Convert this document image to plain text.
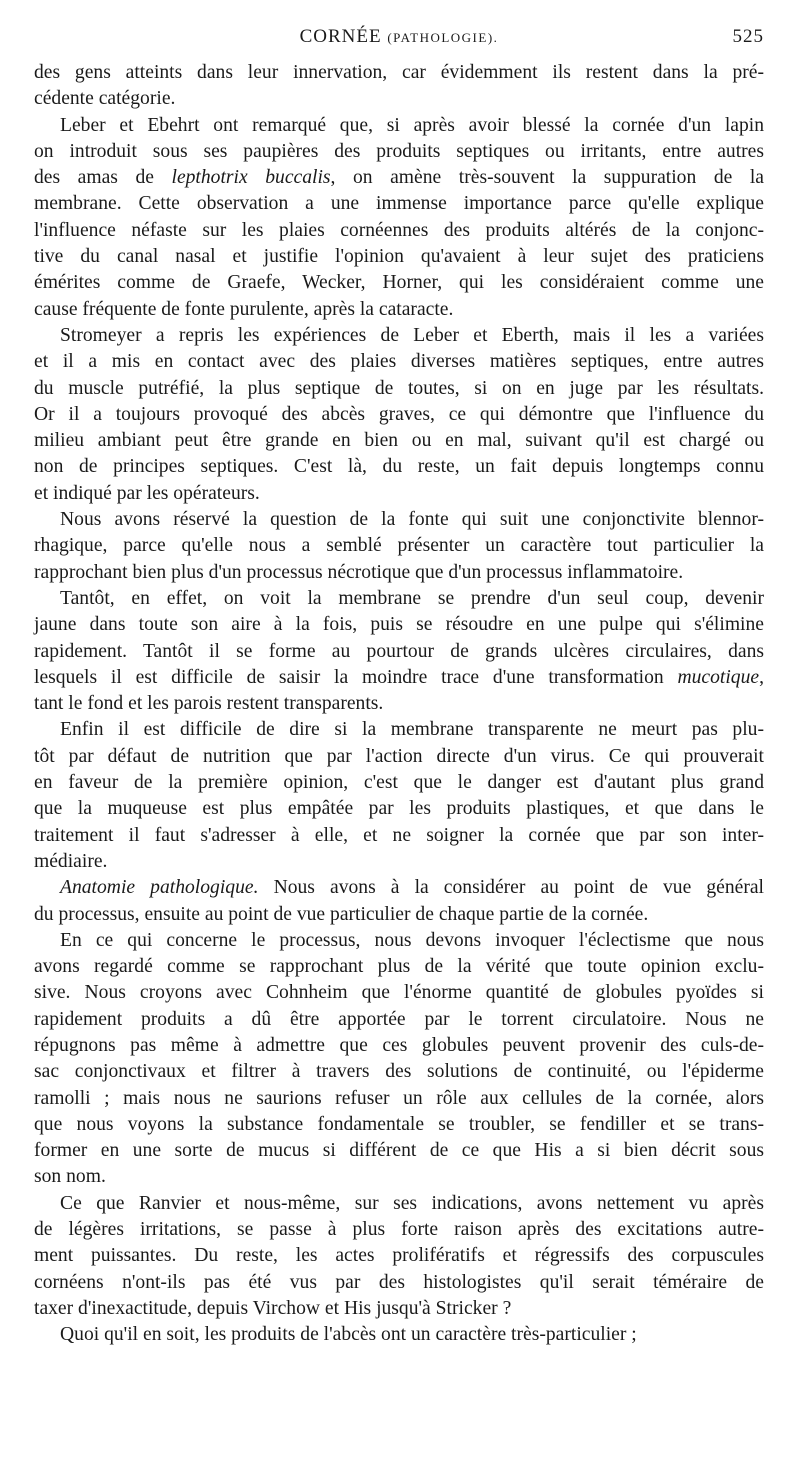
CORNÉE (PATHOLOGIE).	525
des gens atteints dans leur innervation, car évidemment ils restent dans la pré-
cédente catégorie.
Leber et Ebehrt ont remarqué que, si après avoir blessé la cornée d'un lapin
on introduit sous ses paupières des produits septiques ou irritants, entre autres
des amas de lepthotrix buccalis, on amène très-souvent la suppuration de la
membrane. Cette observation a une immense importance parce qu'elle explique
l'influence néfaste sur les plaies cornéennes des produits altérés de la conjonc-
tive du canal nasal et justifie l'opinion qu'avaient à leur sujet des praticiens
émérites comme de Graefe, Wecker, Horner, qui les considéraient comme une
cause fréquente de fonte purulente, après la cataracte.
Stromeyer a repris les expériences de Leber et Eberth, mais il les a variées
et il a mis en contact avec des plaies diverses matières septiques, entre autres
du muscle putréfié, la plus septique de toutes, si on en juge par les résultats.
Or il a toujours provoqué des abcès graves, ce qui démontre que l'influence du
milieu ambiant peut être grande en bien ou en mal, suivant qu'il est chargé ou
non de principes septiques. C'est là, du reste, un fait depuis longtemps connu
et indiqué par les opérateurs.
Nous avons réservé la question de la fonte qui suit une conjonctivite blennor-
rhagique, parce qu'elle nous a semblé présenter un caractère tout particulier la
rapprochant bien plus d'un processus nécrotique que d'un processus inflammatoire.
Tantôt, en effet, on voit la membrane se prendre d'un seul coup, devenir
jaune dans toute son aire à la fois, puis se résoudre en une pulpe qui s'élimine
rapidement. Tantôt il se forme au pourtour de grands ulcères circulaires, dans
lesquels il est difficile de saisir la moindre trace d'une transformation mucotique,
tant le fond et les parois restent transparents.
Enfin il est difficile de dire si la membrane transparente ne meurt pas plu-
tôt par défaut de nutrition que par l'action directe d'un virus. Ce qui prouverait
en faveur de la première opinion, c'est que le danger est d'autant plus grand
que la muqueuse est plus empâtée par les produits plastiques, et que dans le
traitement il faut s'adresser à elle, et ne soigner la cornée que par son inter-
médiaire.
Anatomie pathologique. Nous avons à la considérer au point de vue général
du processus, ensuite au point de vue particulier de chaque partie de la cornée.
En ce qui concerne le processus, nous devons invoquer l'éclectisme que nous
avons regardé comme se rapprochant plus de la vérité que toute opinion exclu-
sive. Nous croyons avec Cohnheim que l'énorme quantité de globules pyoïdes si
rapidement produits a dû être apportée par le torrent circulatoire. Nous ne
répugnons pas même à admettre que ces globules peuvent provenir des culs-de-
sac conjonctivaux et filtrer à travers des solutions de continuité, ou l'épiderme
ramolli ; mais nous ne saurions refuser un rôle aux cellules de la cornée, alors
que nous voyons la substance fondamentale se troubler, se fendiller et se trans-
former en une sorte de mucus si différent de ce que His a si bien décrit sous
son nom.
Ce que Ranvier et nous-même, sur ses indications, avons nettement vu après
de légères irritations, se passe à plus forte raison après des excitations autre-
ment puissantes. Du reste, les actes prolifératifs et régressifs des corpuscules
cornéens n'ont-ils pas été vus par des histologistes qu'il serait téméraire de
taxer d'inexactitude, depuis Virchow et His jusqu'à Stricker ?
Quoi qu'il en soit, les produits de l'abcès ont un caractère très-particulier ;
